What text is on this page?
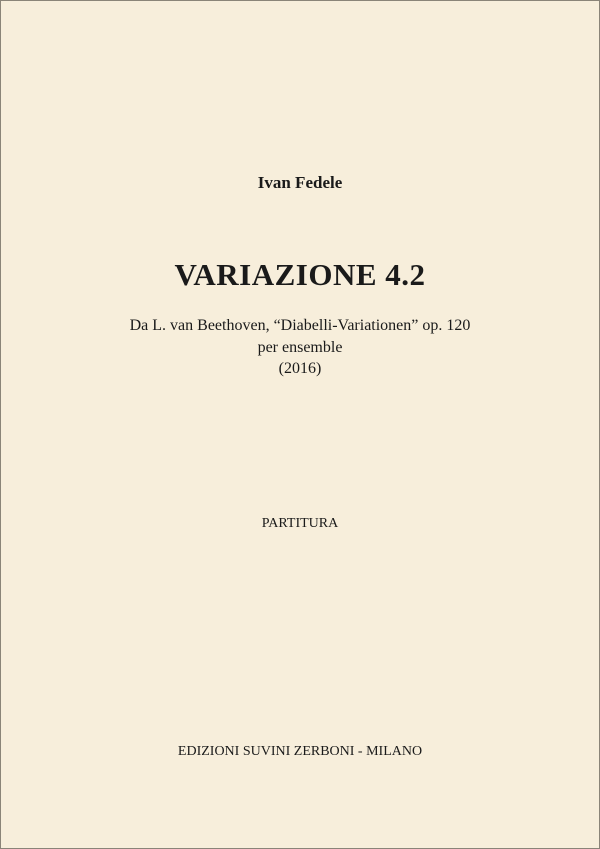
Ivan Fedele
VARIAZIONE 4.2
Da L. van Beethoven, “Diabelli-Variationen” op. 120
per ensemble
(2016)
PARTITURA
EDIZIONI SUVINI ZERBONI - MILANO
